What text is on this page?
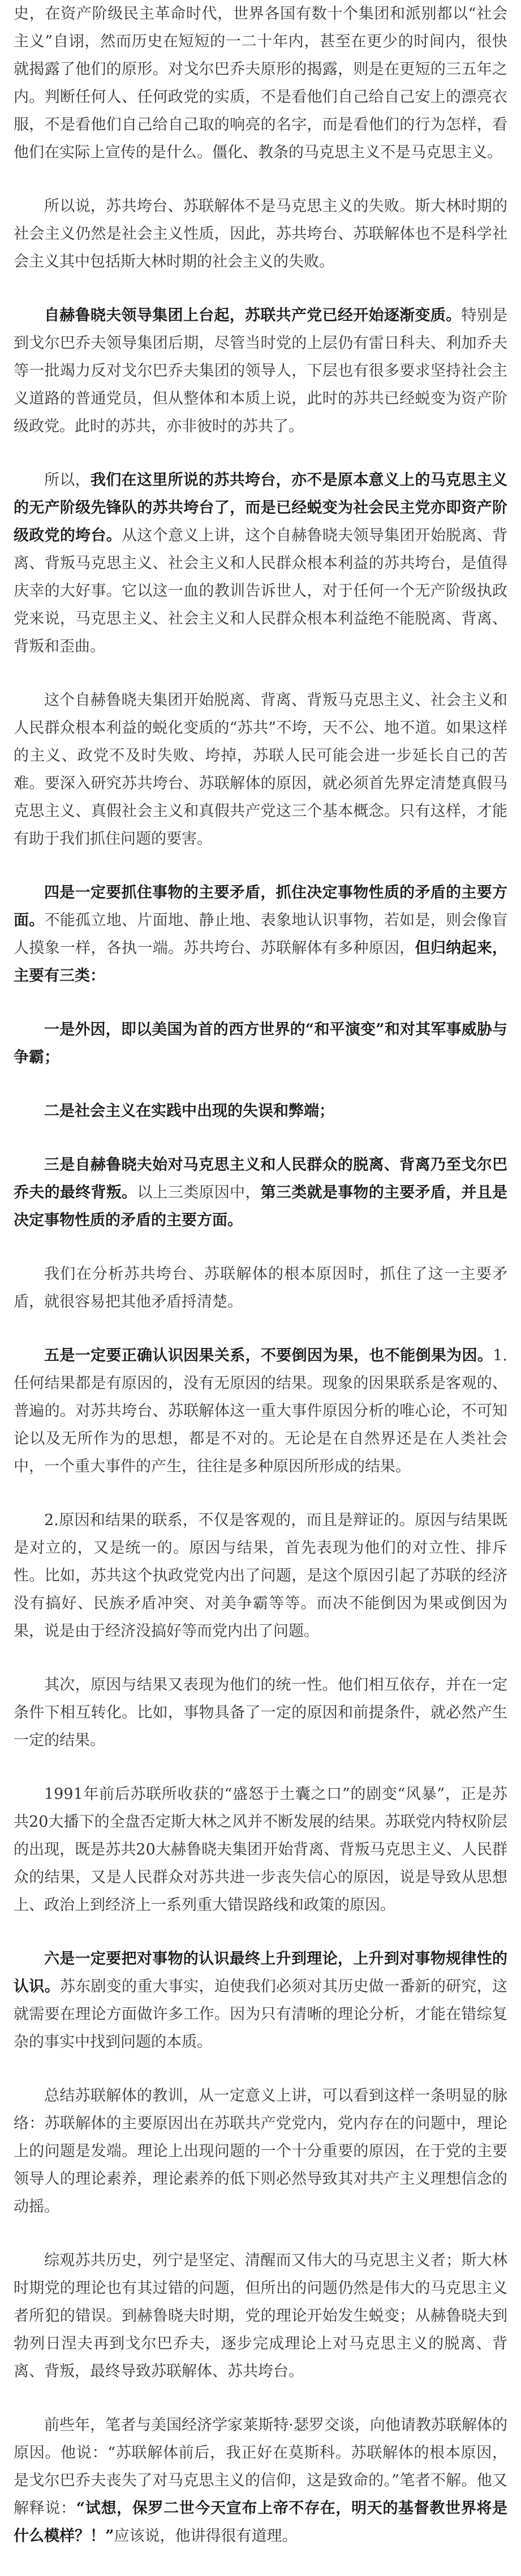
史，在资产阶级民主革命时代，世界各国有数十个集团和派别都以“社会主义”自诩，然而历史在短短的一二十年内，甚至在更少的时间内，很快就揭露了他们的原形。对戈尔巴乔夫原形的揭露，则是在更短的三五年之内。判断任何人、任何政党的实质，不是看他们自己给自己安上的漂亮衣服，不是看他们自己给自己取的响亮的名字，而是看他们的行为怎样，看他们在实际上宣传的是什么。僵化、教条的马克思主义不是马克思主义。

所以说，苏共垮台、苏联解体不是马克思主义的失败。斯大林时期的社会主义仍然是社会主义性质，因此，苏共垮台、苏联解体也不是科学社会主义其中包括斯大林时期的社会主义的失败。

自赫鲁晓夫领导集团上台起，苏联共产党已经开始逐渐变质。特别是到戈尔巴乔夫领导集团后期，尽管当时党的上层仍有雷日科夫、利加乔夫等一批竭力反对戈尔巴乔夫集团的领导人，下层也有很多要求坚持社会主义道路的普通党员，但从整体和本质上说，此时的苏共已经蜕变为资产阶级政党。此时的苏共，亦非彼时的苏共了。

所以，我们在这里所说的苏共垮台，亦不是原本意义上的马克思主义的无产阶级先锋队的苏共垮台了，而是已经蜕变为社会民主党亦即资产阶级政党的垮台。从这个意义上讲，这个自赫鲁晓夫领导集团开始脱离、背离、背叛马克思主义、社会主义和人民群众根本利益的苏共垮台，是值得庆幸的大好事。它以这一血的教训告诉世人，对于任何一个无产阶级执政党来说，马克思主义、社会主义和人民群众根本利益绝不能脱离、背离、背叛和歪曲。

这个自赫鲁晓夫集团开始脱离、背离、背叛马克思主义、社会主义和人民群众根本利益的蜕化变质的“苏共”不垮，天不公、地不道。如果这样的主义、政党不及时失败、垮掉，苏联人民可能会进一步延长自己的苦难。要深入研究苏共垮台、苏联解体的原因，就必须首先界定清楚真假马克思主义、真假社会主义和真假共产党这三个基本概念。只有这样，才能有助于我们抓住问题的要害。

四是一定要抓住事物的主要矛盾，抓住决定事物性质的矛盾的主要方面。不能孤立地、片面地、静止地、表象地认识事物，若如是，则会像盲人摸象一样，各执一端。苏共垮台、苏联解体有多种原因，但归纳起来，主要有三类：

一是外因，即以美国为首的西方世界的“和平演变”和对其军事威胁与争霸；

二是社会主义在实践中出现的失误和弊端；

三是自赫鲁晓夫始对马克思主义和人民群众的脱离、背离乃至戈尔巴乔夫的最终背叛。以上三类原因中，第三类就是事物的主要矛盾，并且是决定事物性质的矛盾的主要方面。

我们在分析苏共垮台、苏联解体的根本原因时，抓住了这一主要矛盾，就很容易把其他矛盾捋清楚。

五是一定要正确认识因果关系，不要倒因为果，也不能倒果为因。1.任何结果都是有原因的，没有无原因的结果。现象的因果联系是客观的、普遍的。对苏共垮台、苏联解体这一重大事件原因分析的唯心论，不可知论以及无所作为的思想，都是不对的。无论是在自然界还是在人类社会中，一个重大事件的产生，往往是多种原因所形成的结果。

2.原因和结果的联系，不仅是客观的，而且是辩证的。原因与结果既是对立的，又是统一的。原因与结果，首先表现为他们的对立性、排斥性。比如，苏共这个执政党党内出了问题，是这个原因引起了苏联的经济没有搞好、民族矛盾冲突、对美争霸等等。而决不能倒因为果或倒因为果，说是由于经济没搞好等而党内出了问题。

其次，原因与结果又表现为他们的统一性。他们相互依存，并在一定条件下相互转化。比如，事物具备了一定的原因和前提条件，就必然产生一定的结果。

1991年前后苏联所收获的“盛怒于土囊之口”的剧变“风暴”，正是苏共20大播下的全盘否定斯大林之风并不断发展的结果。苏联党内特权阶层的出现，既是苏共20大赫鲁晓夫集团开始背离、背叛马克思主义、人民群众的结果，又是人民群众对苏共进一步丧失信心的原因，说是导致从思想上、政治上到经济上一系列重大错误路线和政策的原因。

六是一定要把对事物的认识最终上升到理论，上升到对事物规律性的认识。苏东剧变的重大事实，迫使我们必须对其历史做一番新的研究，这就需要在理论方面做许多工作。因为只有清晰的理论分析，才能在错综复杂的事实中找到问题的本质。

总结苏联解体的教训，从一定意义上讲，可以看到这样一条明显的脉络：苏联解体的主要原因出在苏联共产党党内，党内存在的问题中，理论上的问题是发端。理论上出现问题的一个十分重要的原因，在于党的主要领导人的理论素养，理论素养的低下则必然导致其对共产主义理想信念的动摇。

综观苏共历史，列宁是坚定、清醒而又伟大的马克思主义者；斯大林时期党的理论也有其过错的问题，但所出的问题仍然是伟大的马克思主义者所犯的错误。到赫鲁晓夫时期，党的理论开始发生蜕变；从赫鲁晓夫到勃列日涅夫再到戈尔巴乔夫，逐步完成理论上对马克思主义的脱离、背离、背叛，最终导致苏联解体、苏共垮台。

前些年，笔者与美国经济学家莱斯特·瑟罗交谈，向他请教苏联解体的原因。他说：“苏联解体前后，我正好在莫斯科。苏联解体的根本原因，是戈尔巴乔夫丧失了对马克思主义的信仰，这是致命的。”笔者不解。他又解释说：“试想，保罗二世今天宣布上帝不存在，明天的基督教世界将是什么模样？！”应该说，他讲得很有道理。
